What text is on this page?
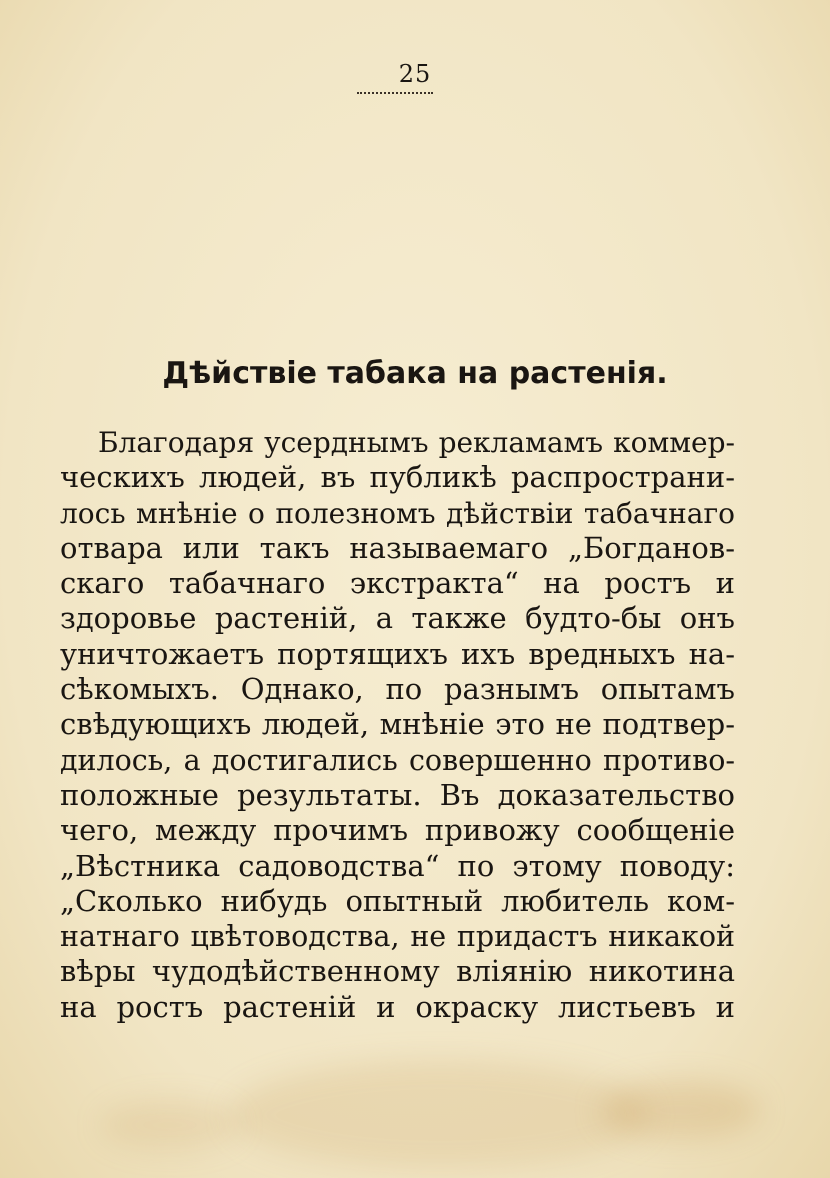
25
Дѣйствіе табака на растенія.
Благодаря усерднымъ рекламамъ коммер-
ческихъ людей, въ публикѣ распространи-
лось мнѣніе о полезномъ дѣйствіи табачнаго
отвара или такъ называемаго „Богданов-
скаго табачнаго экстракта“ на ростъ и
здоровье растеній, а также будто-бы онъ
уничтожаетъ портящихъ ихъ вредныхъ на-
сѣкомыхъ. Однако, по разнымъ опытамъ
свѣдующихъ людей, мнѣніе это не подтвер-
дилось, а достигались совершенно противо-
положные результаты. Въ доказательство
чего, между прочимъ привожу сообщеніе
„Вѣстника садоводства“ по этому поводу:
„Сколько нибудь опытный любитель ком-
натнаго цвѣтоводства, не придастъ никакой
вѣры чудодѣйственному вліянію никотина
на ростъ растеній и окраску листьевъ и
